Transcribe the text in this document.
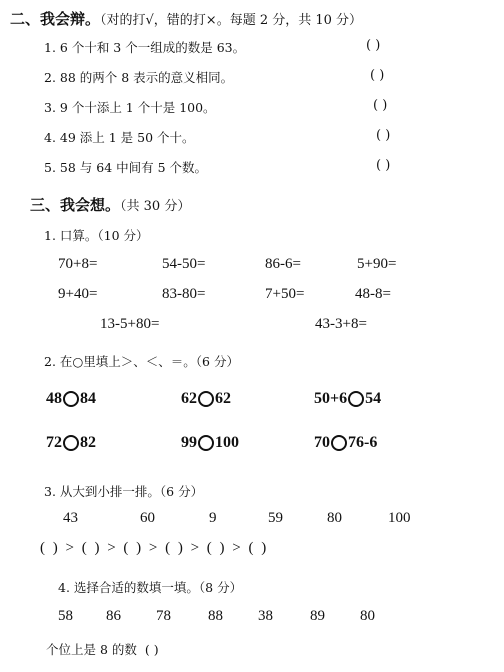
二、我会辩。（对的打√，错的打×。每题 2 分，共 10 分）
1. 6 个十和 3 个一组成的数是 63。	( )
2. 88 的两个 8 表示的意义相同。	( )
3. 9 个十添上 1 个十是 100。	( )
4. 49 添上 1 是 50 个十。	( )
5. 58 与 64 中间有 5 个数。	( )
三、我会想。（共 30 分）
1. 口算。（10 分）
70+8=	54-50=	86-6=	5+90=
9+40=	83-80=	7+50=	48-8=
13-5+80=	43-3+8=
2. 在○里填上＞、＜、＝。（6 分）
48 84	62 62	50+6 54
72 82	99 100	70 76-6
3. 从大到小排一排。（6 分）
43	60	9	59	80	100
( ) > ( ) > ( ) > ( ) > ( ) > ( )
4. 选择合适的数填一填。（8 分）
58 86 78 88 38 89 80
个位上是 8 的数 ( )
